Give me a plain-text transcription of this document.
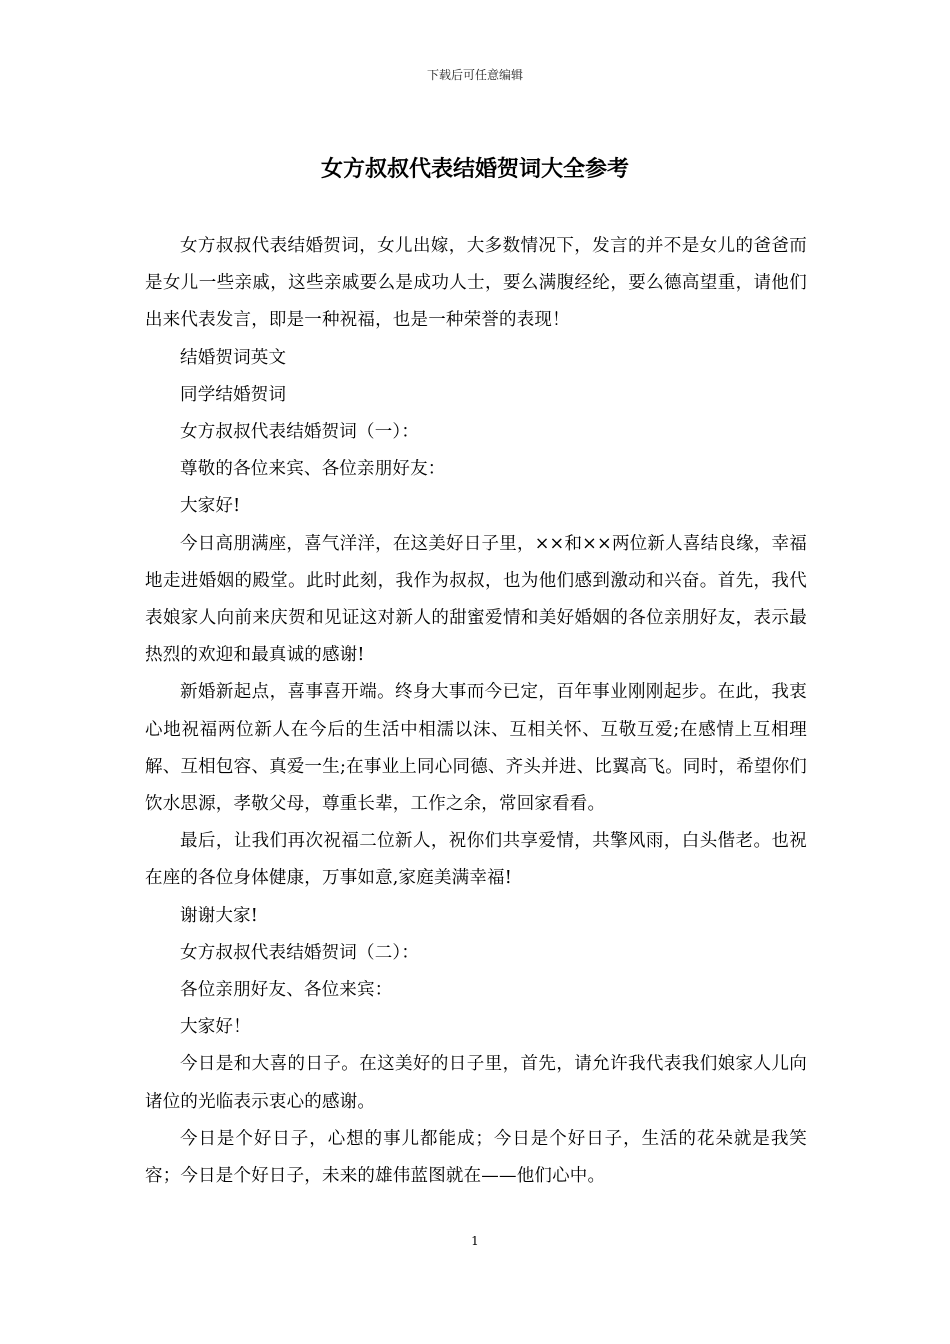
下载后可任意编辑
女方叔叔代表结婚贺词大全参考

女方叔叔代表结婚贺词，女儿出嫁，大多数情况下，发言的并不是女儿的爸爸而是女儿一些亲戚，这些亲戚要么是成功人士，要么满腹经纶，要么德高望重，请他们出来代表发言，即是一种祝福，也是一种荣誉的表现！

结婚贺词英文

同学结婚贺词

女方叔叔代表结婚贺词（一）：

尊敬的各位来宾、各位亲朋好友：

大家好!

今日高朋满座，喜气洋洋，在这美好日子里，××和××两位新人喜结良缘，幸福地走进婚姻的殿堂。此时此刻，我作为叔叔，也为他们感到激动和兴奋。首先，我代表娘家人向前来庆贺和见证这对新人的甜蜜爱情和美好婚姻的各位亲朋好友，表示最热烈的欢迎和最真诚的感谢!

新婚新起点，喜事喜开端。终身大事而今已定，百年事业刚刚起步。在此，我衷心地祝福两位新人在今后的生活中相濡以沫、互相关怀、互敬互爱;在感情上互相理解、互相包容、真爱一生;在事业上同心同德、齐头并进、比翼高飞。同时，希望你们饮水思源，孝敬父母，尊重长辈，工作之余，常回家看看。

最后，让我们再次祝福二位新人，祝你们共享爱情，共擎风雨，白头偕老。也祝在座的各位身体健康，万事如意,家庭美满幸福!

谢谢大家!

女方叔叔代表结婚贺词（二）：

各位亲朋好友、各位来宾：

大家好！

今日是和大喜的日子。在这美好的日子里，首先，请允许我代表我们娘家人儿向诸位的光临表示衷心的感谢。

今日是个好日子，心想的事儿都能成；今日是个好日子，生活的花朵就是我笑容；今日是个好日子，未来的雄伟蓝图就在——他们心中。

1
